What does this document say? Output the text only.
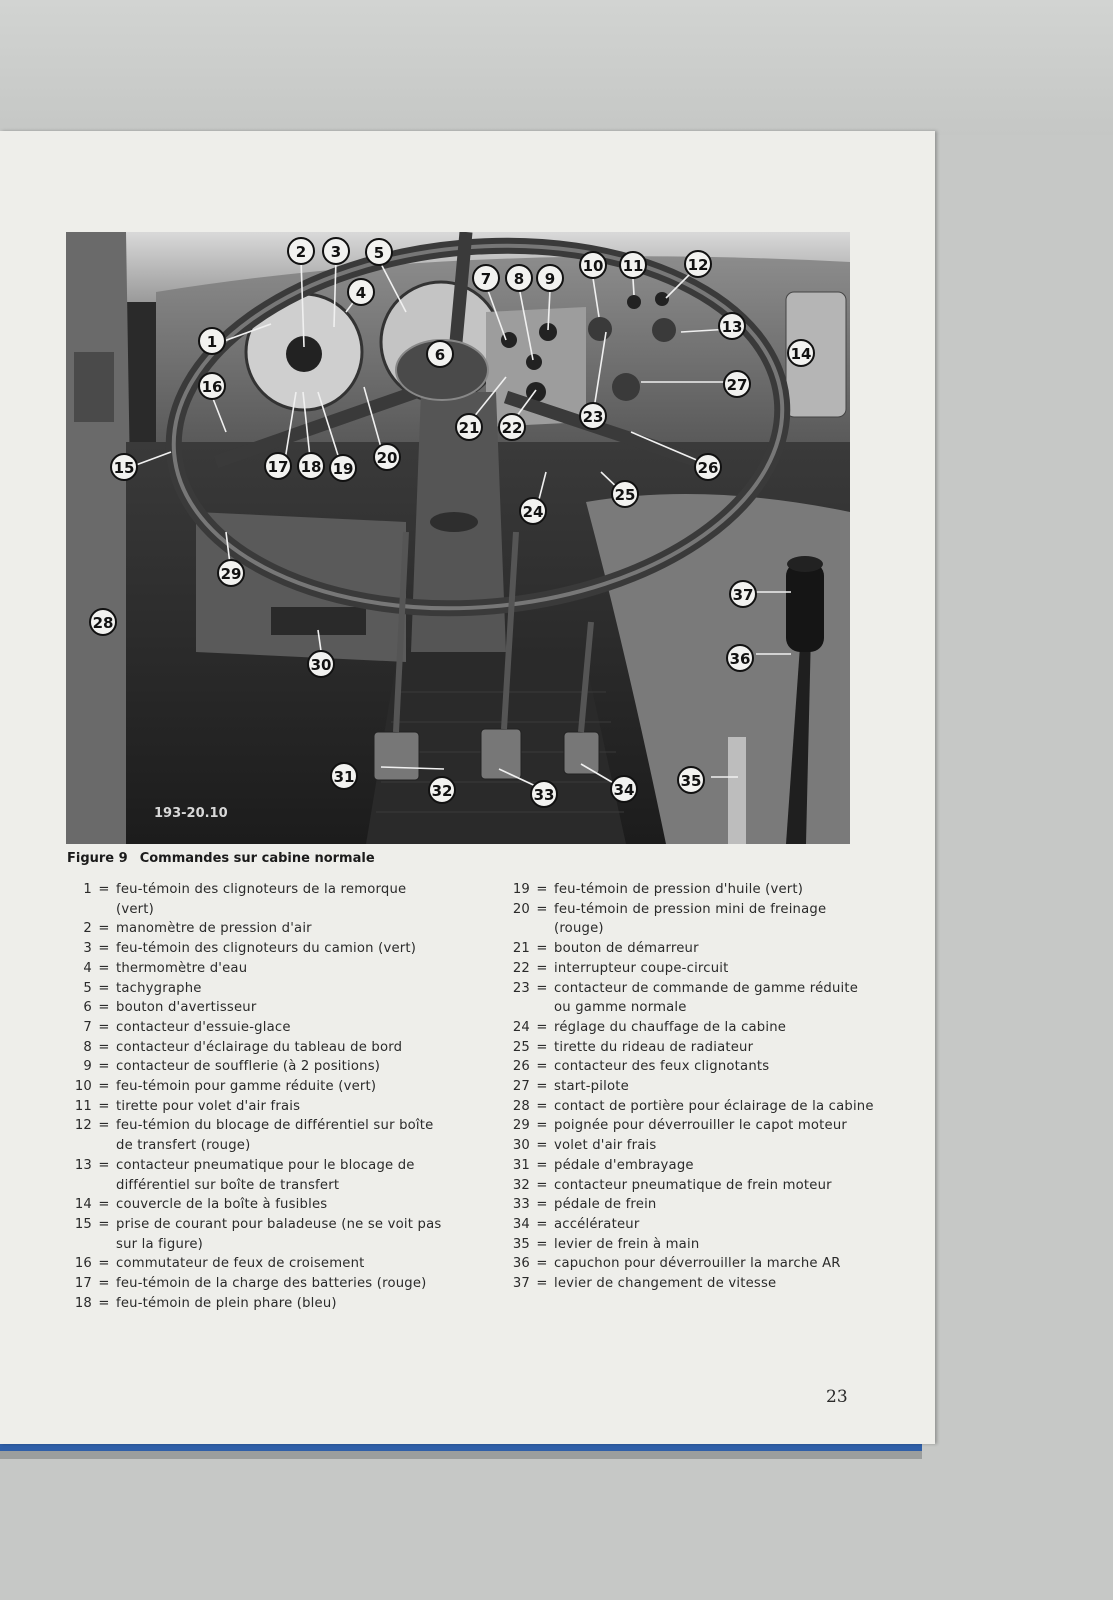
193-20.10
1
2 3
4
5
6
7 8 9
10 11	12
13
14
15
16
17 18 19
20
21 22
23
24
25
26
27
28
29
30
31
32	33	34	35
36
37
Figure 9 Commandes sur cabine normale
1 = feu-témoin des clignoteurs de la remorque (vert)
2 = manomètre de pression d'air
3 = feu-témoin des clignoteurs du camion (vert)
4 = thermomètre d'eau
5 = tachygraphe
6 = bouton d'avertisseur
7 = contacteur d'essuie-glace
8 = contacteur d'éclairage du tableau de bord
9 = contacteur de soufflerie (à 2 positions)
10 = feu-témoin pour gamme réduite (vert)
11 = tirette pour volet d'air frais
12 = feu-témion du blocage de différentiel sur boîte de transfert (rouge)
13 = contacteur pneumatique pour le blocage de différentiel sur boîte de transfert
14 = couvercle de la boîte à fusibles
15 = prise de courant pour baladeuse (ne se voit pas sur la figure)
16 = commutateur de feux de croisement
17 = feu-témoin de la charge des batteries (rouge)
18 = feu-témoin de plein phare (bleu)
19 = feu-témoin de pression d'huile (vert)
20 = feu-témoin de pression mini de freinage (rouge)
21 = bouton de démarreur
22 = interrupteur coupe-circuit
23 = contacteur de commande de gamme réduite ou gamme normale
24 = réglage du chauffage de la cabine
25 = tirette du rideau de radiateur
26 = contacteur des feux clignotants
27 = start-pilote
28 = contact de portière pour éclairage de la cabine
29 = poignée pour déverrouiller le capot moteur
30 = volet d'air frais
31 = pédale d'embrayage
32 = contacteur pneumatique de frein moteur
33 = pédale de frein
34 = accélérateur
35 = levier de frein à main
36 = capuchon pour déverrouiller la marche AR
37 = levier de changement de vitesse
23
